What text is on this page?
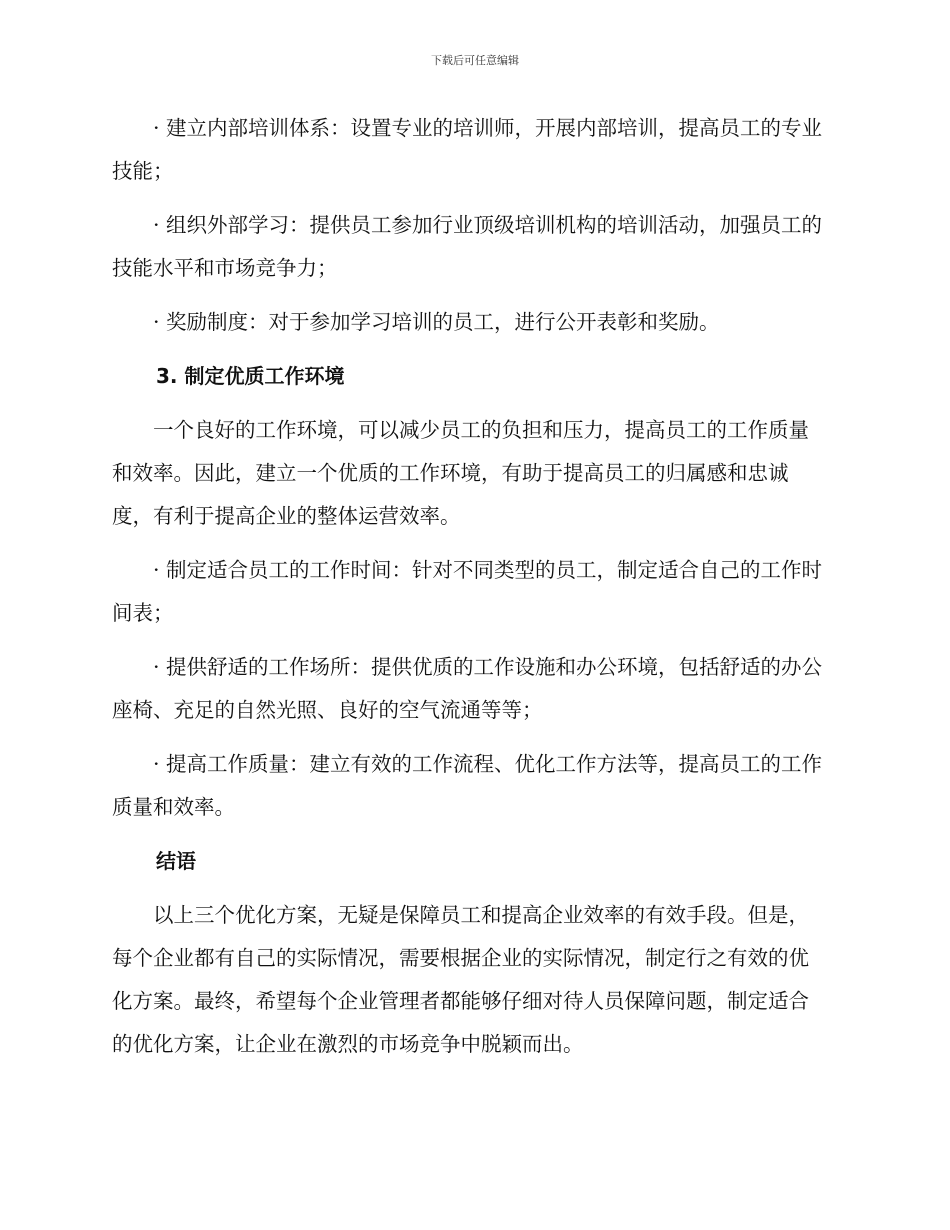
下载后可任意编辑

· 建立内部培训体系：设置专业的培训师，开展内部培训，提高员工的专业技能；

· 组织外部学习：提供员工参加行业顶级培训机构的培训活动，加强员工的技能水平和市场竞争力；

· 奖励制度：对于参加学习培训的员工，进行公开表彰和奖励。

3. 制定优质工作环境

一个良好的工作环境，可以减少员工的负担和压力，提高员工的工作质量和效率。因此，建立一个优质的工作环境，有助于提高员工的归属感和忠诚度，有利于提高企业的整体运营效率。

· 制定适合员工的工作时间：针对不同类型的员工，制定适合自己的工作时间表；

· 提供舒适的工作场所：提供优质的工作设施和办公环境，包括舒适的办公座椅、充足的自然光照、良好的空气流通等等；

· 提高工作质量：建立有效的工作流程、优化工作方法等，提高员工的工作质量和效率。

结语

以上三个优化方案，无疑是保障员工和提高企业效率的有效手段。但是，每个企业都有自己的实际情况，需要根据企业的实际情况，制定行之有效的优化方案。最终，希望每个企业管理者都能够仔细对待人员保障问题，制定适合的优化方案，让企业在激烈的市场竞争中脱颖而出。
